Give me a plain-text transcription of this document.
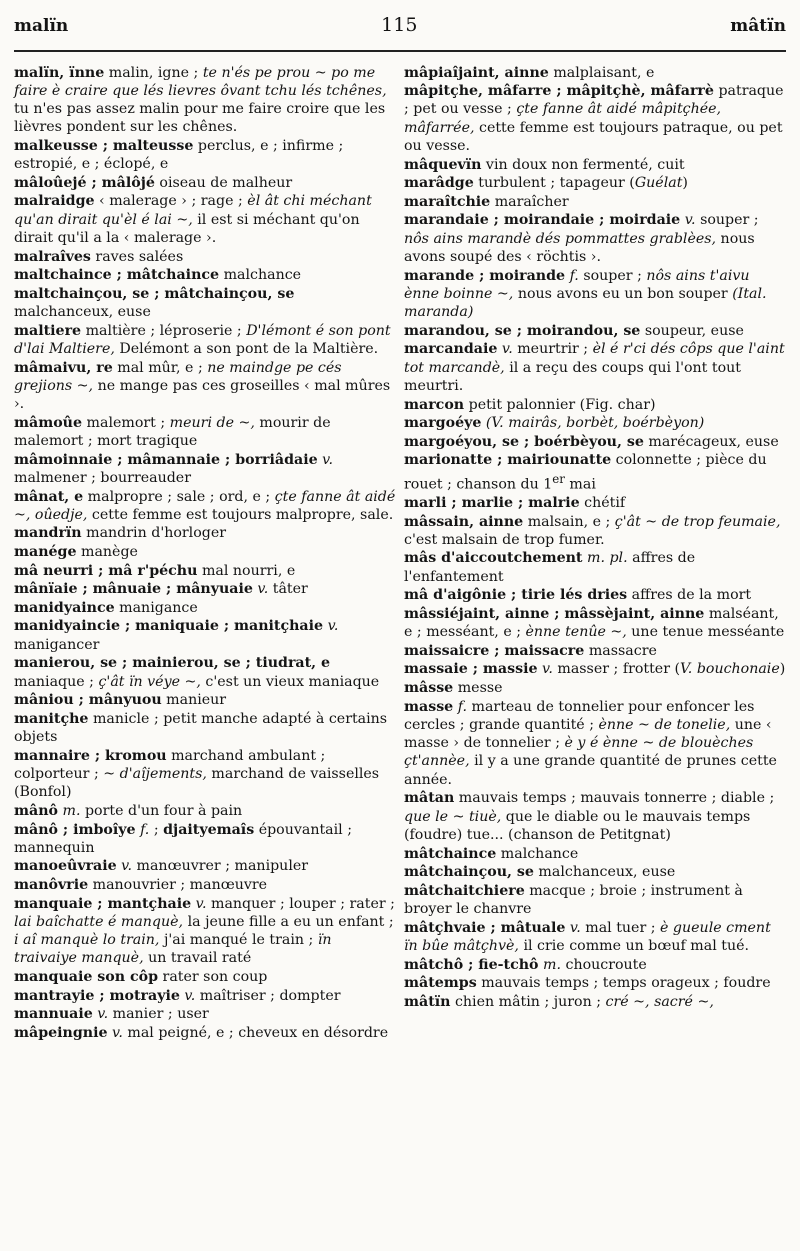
malïn	115	mâtïn

malïn, ïnne malin, igne ; te n'és pe prou ~ po me faire è craire que lés lievres ôvant tchu lés tchênes, tu n'es pas assez malin pour me faire croire que les lièvres pondent sur les chênes.

malkeusse ; malteusse perclus, e ; infirme ; estropié, e ; éclopé, e

mâloûejé ; mâlôjé oiseau de malheur

malraidge ‹ malerage › ; rage ; èl ât chi méchant qu'an dirait qu'èl é lai ~, il est si méchant qu'on dirait qu'il a la ‹ malerage ›.

malraîves raves salées

maltchaince ; mâtchaince malchance

maltchainçou, se ; mâtchainçou, se malchanceux, euse

maltiere maltière ; léproserie ; D'lémont é son pont d'lai Maltiere, Delémont a son pont de la Maltière.

mâmaivu, re mal mûr, e ; ne maindge pe cés grejions ~, ne mange pas ces groseilles ‹ mal mûres ›.

mâmoûe malemort ; meuri de ~, mourir de malemort ; mort tragique

mâmoinnaie ; mâmannaie ; borriâdaie v. malmener ; bourreauder

mânat, e malpropre ; sale ; ord, e ; çte fanne ât aidé ~, oûedje, cette femme est toujours malpropre, sale.

mandrïn mandrin d'horloger

manége manège

mâ neurri ; mâ r'péchu mal nourri, e

mânïaie ; mânuaie ; mânyuaie v. tâter

manidyaince manigance

manidyaincie ; maniquaie ; manitçhaie v. manigancer

manierou, se ; mainierou, se ; tiudrat, e maniaque ; ç'ât ïn véye ~, c'est un vieux maniaque

mâniou ; mânyuou manieur

manitçhe manicle ; petit manche adapté à certains objets

mannaire ; kromou marchand ambulant ; colporteur ; ~ d'aîjements, marchand de vaisselles (Bonfol)

mânô m. porte d'un four à pain

mânô ; imboîye f. ; djaityemaîs épouvantail ; mannequin

manoeûvraie v. manœuvrer ; manipuler

manôvrie manouvrier ; manœuvre

manquaie ; mantçhaie v. manquer ; louper ; rater ; lai baîchatte é manquè, la jeune fille a eu un enfant ; i aî manquè lo train, j'ai manqué le train ; ïn traivaiye manquè, un travail raté

manquaie son côp rater son coup

mantrayie ; motrayie v. maîtriser ; dompter

mannuaie v. manier ; user

mâpeingnie v. mal peigné, e ; cheveux en désordre

mâpiaîjaint, ainne malplaisant, e

mâpitçhe, mâfarre ; mâpitçhè, mâfarrè patraque ; pet ou vesse ; çte fanne ât aidé mâpitçhée, mâfarrée, cette femme est toujours patraque, ou pet ou vesse.

mâquevïn vin doux non fermenté, cuit

marâdge turbulent ; tapageur (Guélat)

maraîtchie maraîcher

marandaie ; moirandaie ; moirdaie v. souper ; nôs ains marandè dés pommattes grablèes, nous avons soupé des ‹ röchtis ›.

marande ; moirande f. souper ; nôs ains t'aivu ènne boinne ~, nous avons eu un bon souper (Ital. maranda)

marandou, se ; moirandou, se soupeur, euse

marcandaie v. meurtrir ; èl é r'ci dés côps que l'aint tot marcandè, il a reçu des coups qui l'ont tout meurtri.

marcon petit palonnier (Fig. char)

margoéye (V. mairâs, borbèt, boérbèyon)

margoéyou, se ; boérbèyou, se marécageux, euse

marionatte ; mairiounatte colonnette ; pièce du rouet ; chanson du 1er mai

marli ; marlie ; malrie chétif

mâssain, ainne malsain, e ; ç'ât ~ de trop feumaie, c'est malsain de trop fumer.

mâs d'aiccoutchement m. pl. affres de l'enfantement

mâ d'aigônie ; tirie lés dries affres de la mort

mâssiéjaint, ainne ; mâssèjaint, ainne malséant, e ; messéant, e ; ènne tenûe ~, une tenue messéante

maissaicre ; maissacre massacre

massaie ; massie v. masser ; frotter (V. bouchonaie)

mâsse messe

masse f. marteau de tonnelier pour enfoncer les cercles ; grande quantité ; ènne ~ de tonelie, une ‹ masse › de tonnelier ; è y é ènne ~ de blouèches çt'annèe, il y a une grande quantité de prunes cette année.

mâtan mauvais temps ; mauvais tonnerre ; diable ; que le ~ tiuè, que le diable ou le mauvais temps (foudre) tue... (chanson de Petitgnat)

mâtchaince malchance

mâtchainçou, se malchanceux, euse

mâtchaitchiere macque ; broie ; instrument à broyer le chanvre

mâtçhvaie ; mâtuale v. mal tuer ; è gueule cment ïn bûe mâtçhvè, il crie comme un bœuf mal tué.

mâtchô ; fie-tchô m. choucroute

mâtemps mauvais temps ; temps orageux ; foudre

mâtïn chien mâtin ; juron ; cré ~, sacré ~,
